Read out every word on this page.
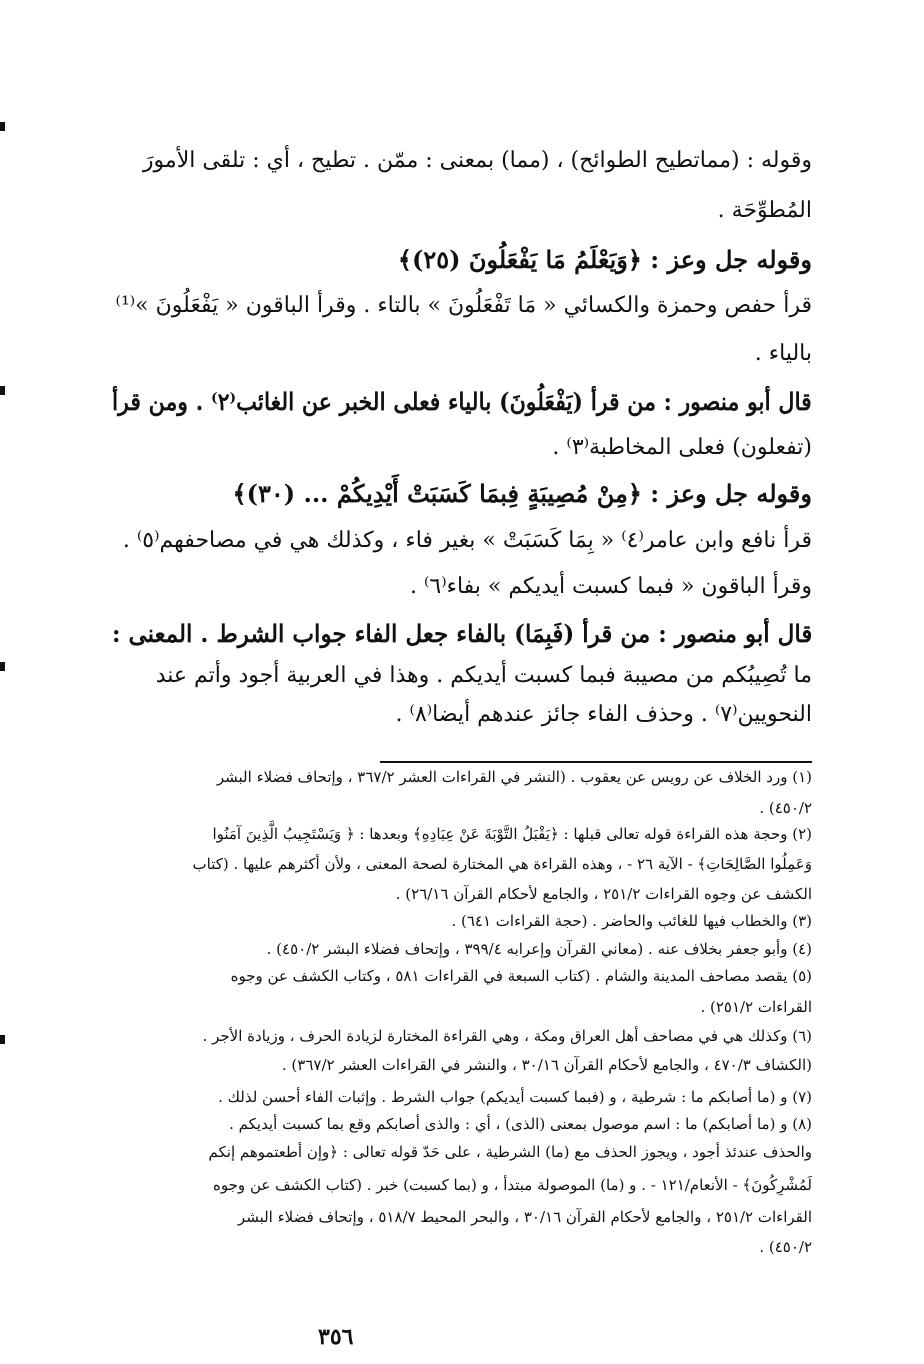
وقوله : (مماتطيح الطوائح) ، (مما) بمعنى : ممّن . تطيح ، أي : تلقى الأمورَ
المُطوِّحَة .
وقوله جل وعز : ﴿وَيَعْلَمُ مَا يَفْعَلُونَ (٢٥)﴾
قرأ حفص وحمزة والكسائي « مَا تَفْعَلُونَ » بالتاء . وقرأ الباقون « يَفْعَلُونَ »⁽¹⁾
بالياء .
قال أبو منصور : من قرأ (يَفْعَلُونَ) بالياء فعلى الخبر عن الغائب⁽٢⁾ . ومن قرأ
(تفعلون) فعلى المخاطبة⁽٣⁾ .
وقوله جل وعز : ﴿مِنْ مُصِيبَةٍ فِبمَا كَسَبَتْ أَيْدِيكُمْ ... (٣٠)﴾
قرأ نافع وابن عامر⁽٤⁾ « بِمَا كَسَبَتْ » بغير فاء ، وكذلك هي في مصاحفهم⁽٥⁾ .
وقرأ الباقون « فبما كسبت أيديكم » بفاء⁽٦⁾ .
قال أبو منصور : من قرأ (فَبِمَا) بالفاء جعل الفاء جواب الشرط . المعنى :
ما تُصِيبُكم من مصيبة فبما كسبت أيديكم . وهذا في العربية أجود وأتم عند
النحويين⁽٧⁾ . وحذف الفاء جائز عندهم أيضا⁽٨⁾ .
(١) ورد الخلاف عن رويس عن يعقوب . (النشر في القراءات العشر ٣٦٧/٢ ، وإتحاف فضلاء البشر
٤٥٠/٢) .
(٢) وحجة هذه القراءة قوله تعالى قبلها : ﴿يَقْبَلُ التَّوْبَةَ عَنْ عِبَادِهِ﴾ وبعدها : ﴿ وَيَسْتَجِيبُ الَّذِينَ آمَنُوا
وَعَمِلُوا الصَّالِحَاتِ﴾ - الآية ٢٦ - ، وهذه القراءة هي المختارة لصحة المعنى ، ولأن أكثرهم عليها . (كتاب
الكشف عن وجوه القراءات ٢٥١/٢ ، والجامع لأحكام القرآن ٢٦/١٦) .
(٣) والخطاب فيها للغائب والحاضر . (حجة القراءات ٦٤١) .
(٤) وأبو جعفر بخلاف عنه . (معاني القرآن وإعرابه ٣٩٩/٤ ، وإتحاف فضلاء البشر ٤٥٠/٢) .
(٥) يقصد مصاحف المدينة والشام . (كتاب السبعة في القراءات ٥٨١ ، وكتاب الكشف عن وجوه
القراءات ٢٥١/٢) .
(٦) وكذلك هي في مصاحف أهل العراق ومكة ، وهي القراءة المختارة لزيادة الحرف ، وزيادة الأجر .
(الكشاف ٤٧٠/٣ ، والجامع لأحكام القرآن ٣٠/١٦ ، والنشر في القراءات العشر ٣٦٧/٢) .
(٧) و (ما أصابكم ما : شرطية ، و (فبما كسبت أيديكم) جواب الشرط . وإثبات الفاء أحسن لذلك .
(٨) و (ما أصابكم) ما : اسم موصول بمعنى (الذى) ، أي : والذى أصابكم وقع بما كسبت أيديكم .
والحذف عندئذ أجود ، ويجوز الحذف مع (ما) الشرطية ، على حَدّ قوله تعالى : ﴿وإن أطعتموهم إنكم
لَمُشْرِكُونَ﴾ - الأنعام/١٢١ - . و (ما) الموصولة مبتدأ ، و (بما كسبت) خبر . (كتاب الكشف عن وجوه
القراءات ٢٥١/٢ ، والجامع لأحكام القرآن ٣٠/١٦ ، والبحر المحيط ٥١٨/٧ ، وإتحاف فضلاء البشر
٤٥٠/٢) .
٣٥٦
